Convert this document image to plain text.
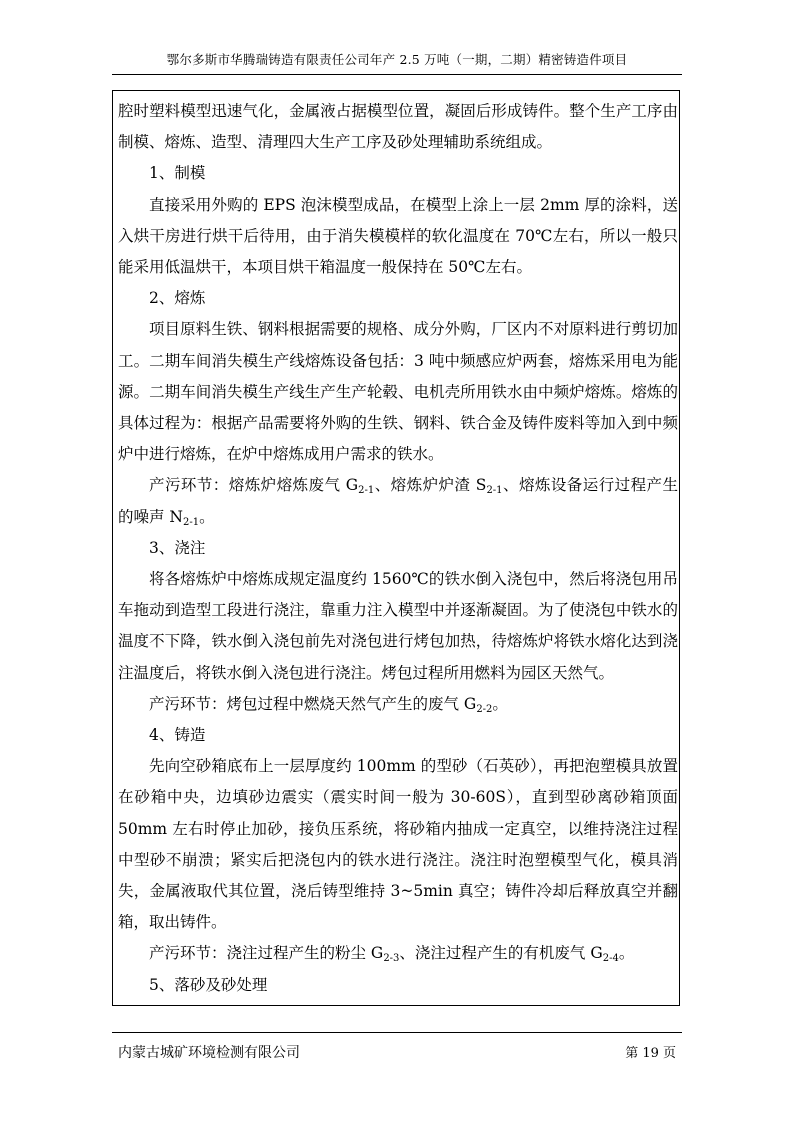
鄂尔多斯市华腾瑞铸造有限责任公司年产 2.5 万吨（一期，二期）精密铸造件项目

腔时塑料模型迅速气化，金属液占据模型位置，凝固后形成铸件。整个生产工序由制模、熔炼、造型、清理四大生产工序及砂处理辅助系统组成。

1、制模

直接采用外购的 EPS 泡沫模型成品，在模型上涂上一层 2mm 厚的涂料，送入烘干房进行烘干后待用，由于消失模模样的软化温度在 70℃左右，所以一般只能采用低温烘干，本项目烘干箱温度一般保持在 50℃左右。

2、熔炼

项目原料生铁、钢料根据需要的规格、成分外购，厂区内不对原料进行剪切加工。二期车间消失模生产线熔炼设备包括：3 吨中频感应炉两套，熔炼采用电为能源。二期车间消失模生产线生产生产轮毂、电机壳所用铁水由中频炉熔炼。熔炼的具体过程为：根据产品需要将外购的生铁、钢料、铁合金及铸件废料等加入到中频炉中进行熔炼，在炉中熔炼成用户需求的铁水。

产污环节：熔炼炉熔炼废气 $G_{2-1}$、熔炼炉炉渣 $S_{2-1}$、熔炼设备运行过程产生的噪声 $N_{2-1}$。

3、浇注

将各熔炼炉中熔炼成规定温度约 1560℃的铁水倒入浇包中，然后将浇包用吊车拖动到造型工段进行浇注，靠重力注入模型中并逐渐凝固。为了使浇包中铁水的温度不下降，铁水倒入浇包前先对浇包进行烤包加热，待熔炼炉将铁水熔化达到浇注温度后，将铁水倒入浇包进行浇注。烤包过程所用燃料为园区天然气。

产污环节：烤包过程中燃烧天然气产生的废气 $G_{2-2}$。

4、铸造

先向空砂箱底布上一层厚度约 100mm 的型砂（石英砂），再把泡塑模具放置在砂箱中央，边填砂边震实（震实时间一般为 30-60S），直到型砂离砂箱顶面 50mm 左右时停止加砂，接负压系统，将砂箱内抽成一定真空，以维持浇注过程中型砂不崩溃；紧实后把浇包内的铁水进行浇注。浇注时泡塑模型气化，模具消失，金属液取代其位置，浇后铸型维持 3~5min 真空；铸件冷却后释放真空并翻箱，取出铸件。

产污环节：浇注过程产生的粉尘 $G_{2-3}$、浇注过程产生的有机废气 $G_{2-4}$。

5、落砂及砂处理

内蒙古城矿环境检测有限公司	第 19 页
